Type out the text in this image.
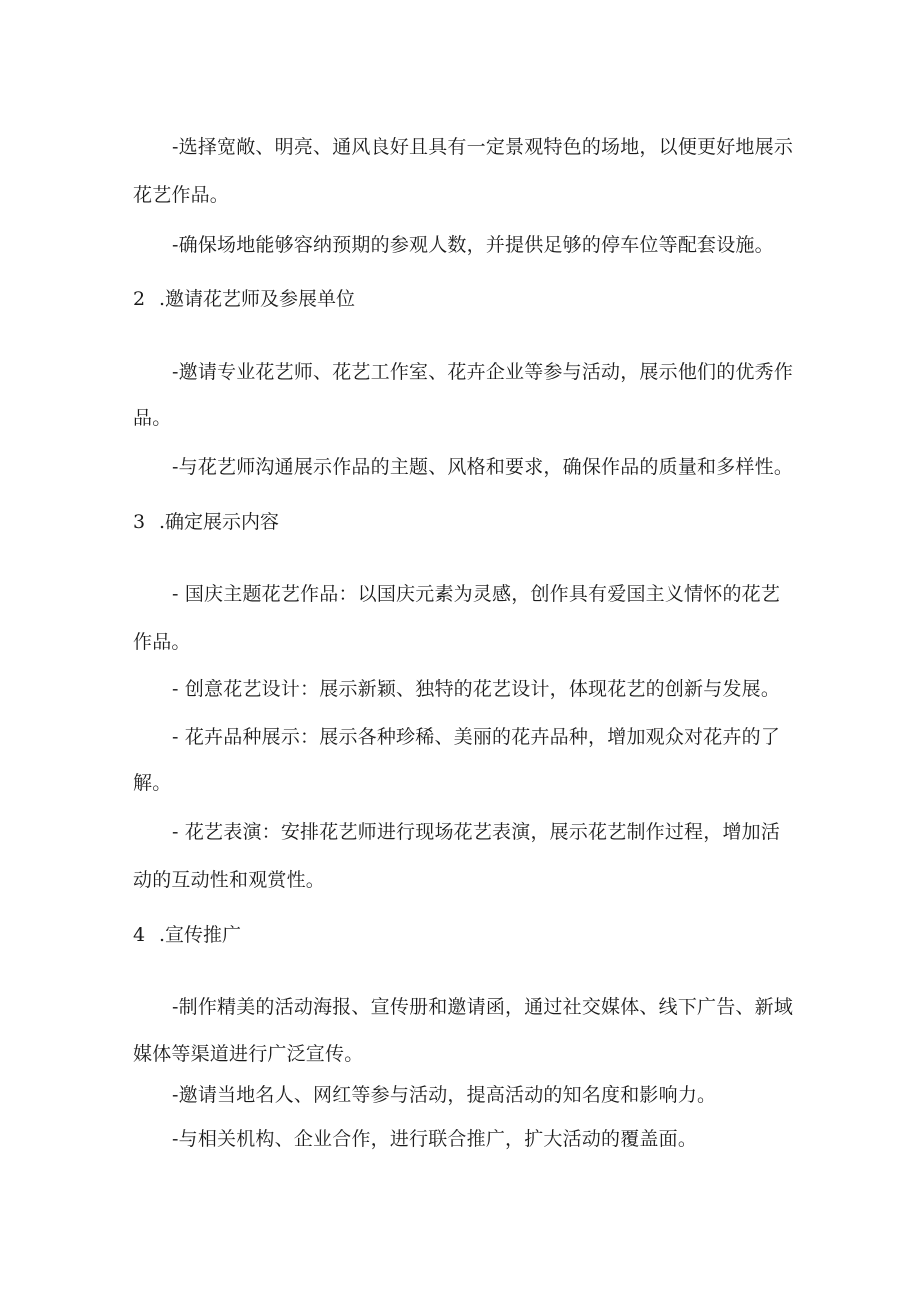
-选择宽敞、明亮、通风良好且具有一定景观特色的场地，以便更好地展示
花艺作品。
-确保场地能够容纳预期的参观人数，并提供足够的停车位等配套设施。
2 .邀请花艺师及参展单位
-邀请专业花艺师、花艺工作室、花卉企业等参与活动，展示他们的优秀作
品。
-与花艺师沟通展示作品的主题、风格和要求，确保作品的质量和多样性。
3 .确定展示内容
- 国庆主题花艺作品：以国庆元素为灵感，创作具有爱国主义情怀的花艺
作品。
- 创意花艺设计：展示新颖、独特的花艺设计，体现花艺的创新与发展。
- 花卉品种展示：展示各种珍稀、美丽的花卉品种，增加观众对花卉的了
解。
- 花艺表演：安排花艺师进行现场花艺表演，展示花艺制作过程，增加活
动的互动性和观赏性。
4 .宣传推广
-制作精美的活动海报、宣传册和邀请函，通过社交媒体、线下广告、新域
媒体等渠道进行广泛宣传。
-邀请当地名人、网红等参与活动，提高活动的知名度和影响力。
-与相关机构、企业合作，进行联合推广，扩大活动的覆盖面。
